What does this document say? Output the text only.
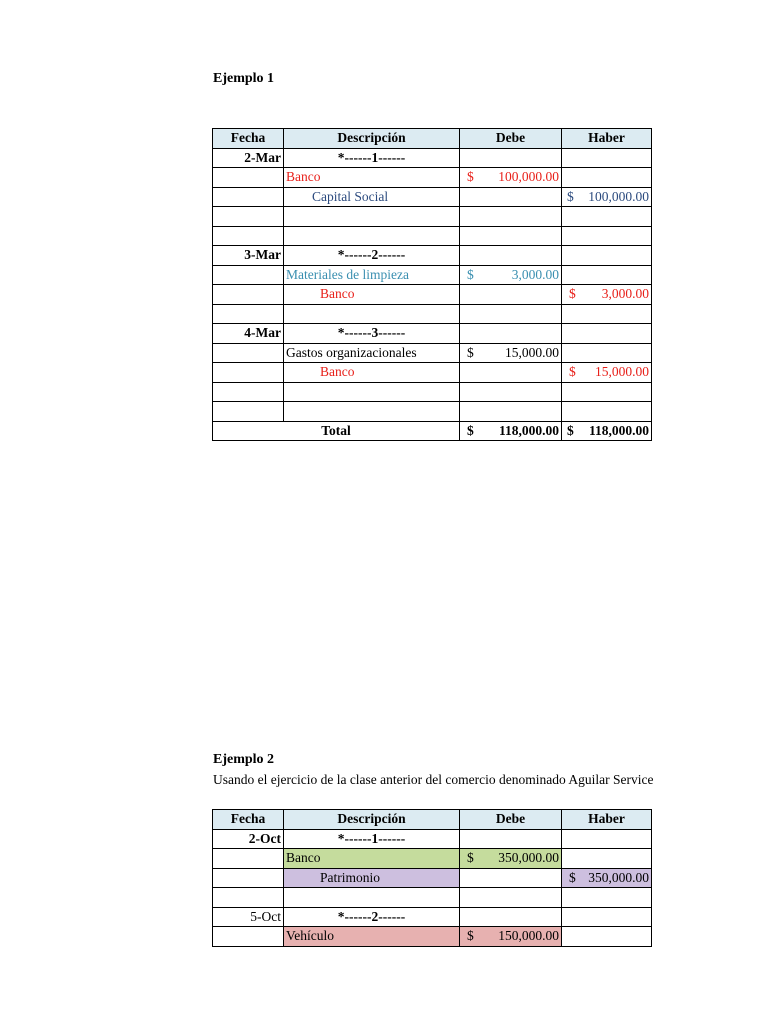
Ejemplo 1
Fecha	Descripción	Debe	Haber
2-Mar	*------1------		
	Banco	$ 100,000.00	

	Capital Social		$ 100,000.00

3-Mar	*------2------		
	Materiales de limpieza	$ 3,000.00	

	Banco		$ 3,000.00

4-Mar	*------3------		
	Gastos organizacionales	$ 15,000.00	

	Banco		$ 15,000.00

Total		$ 118,000.00	$ 118,000.00
Ejemplo 2
Usando el ejercicio de la clase anterior del comercio denominado Aguilar Service
Fecha	Descripción	Debe	Haber
2-Oct	*------1------		
	Banco	$ 350,000.00	

	Patrimonio		$ 350,000.00

5-Oct	*------2------		
	Vehículo	$ 150,000.00	
